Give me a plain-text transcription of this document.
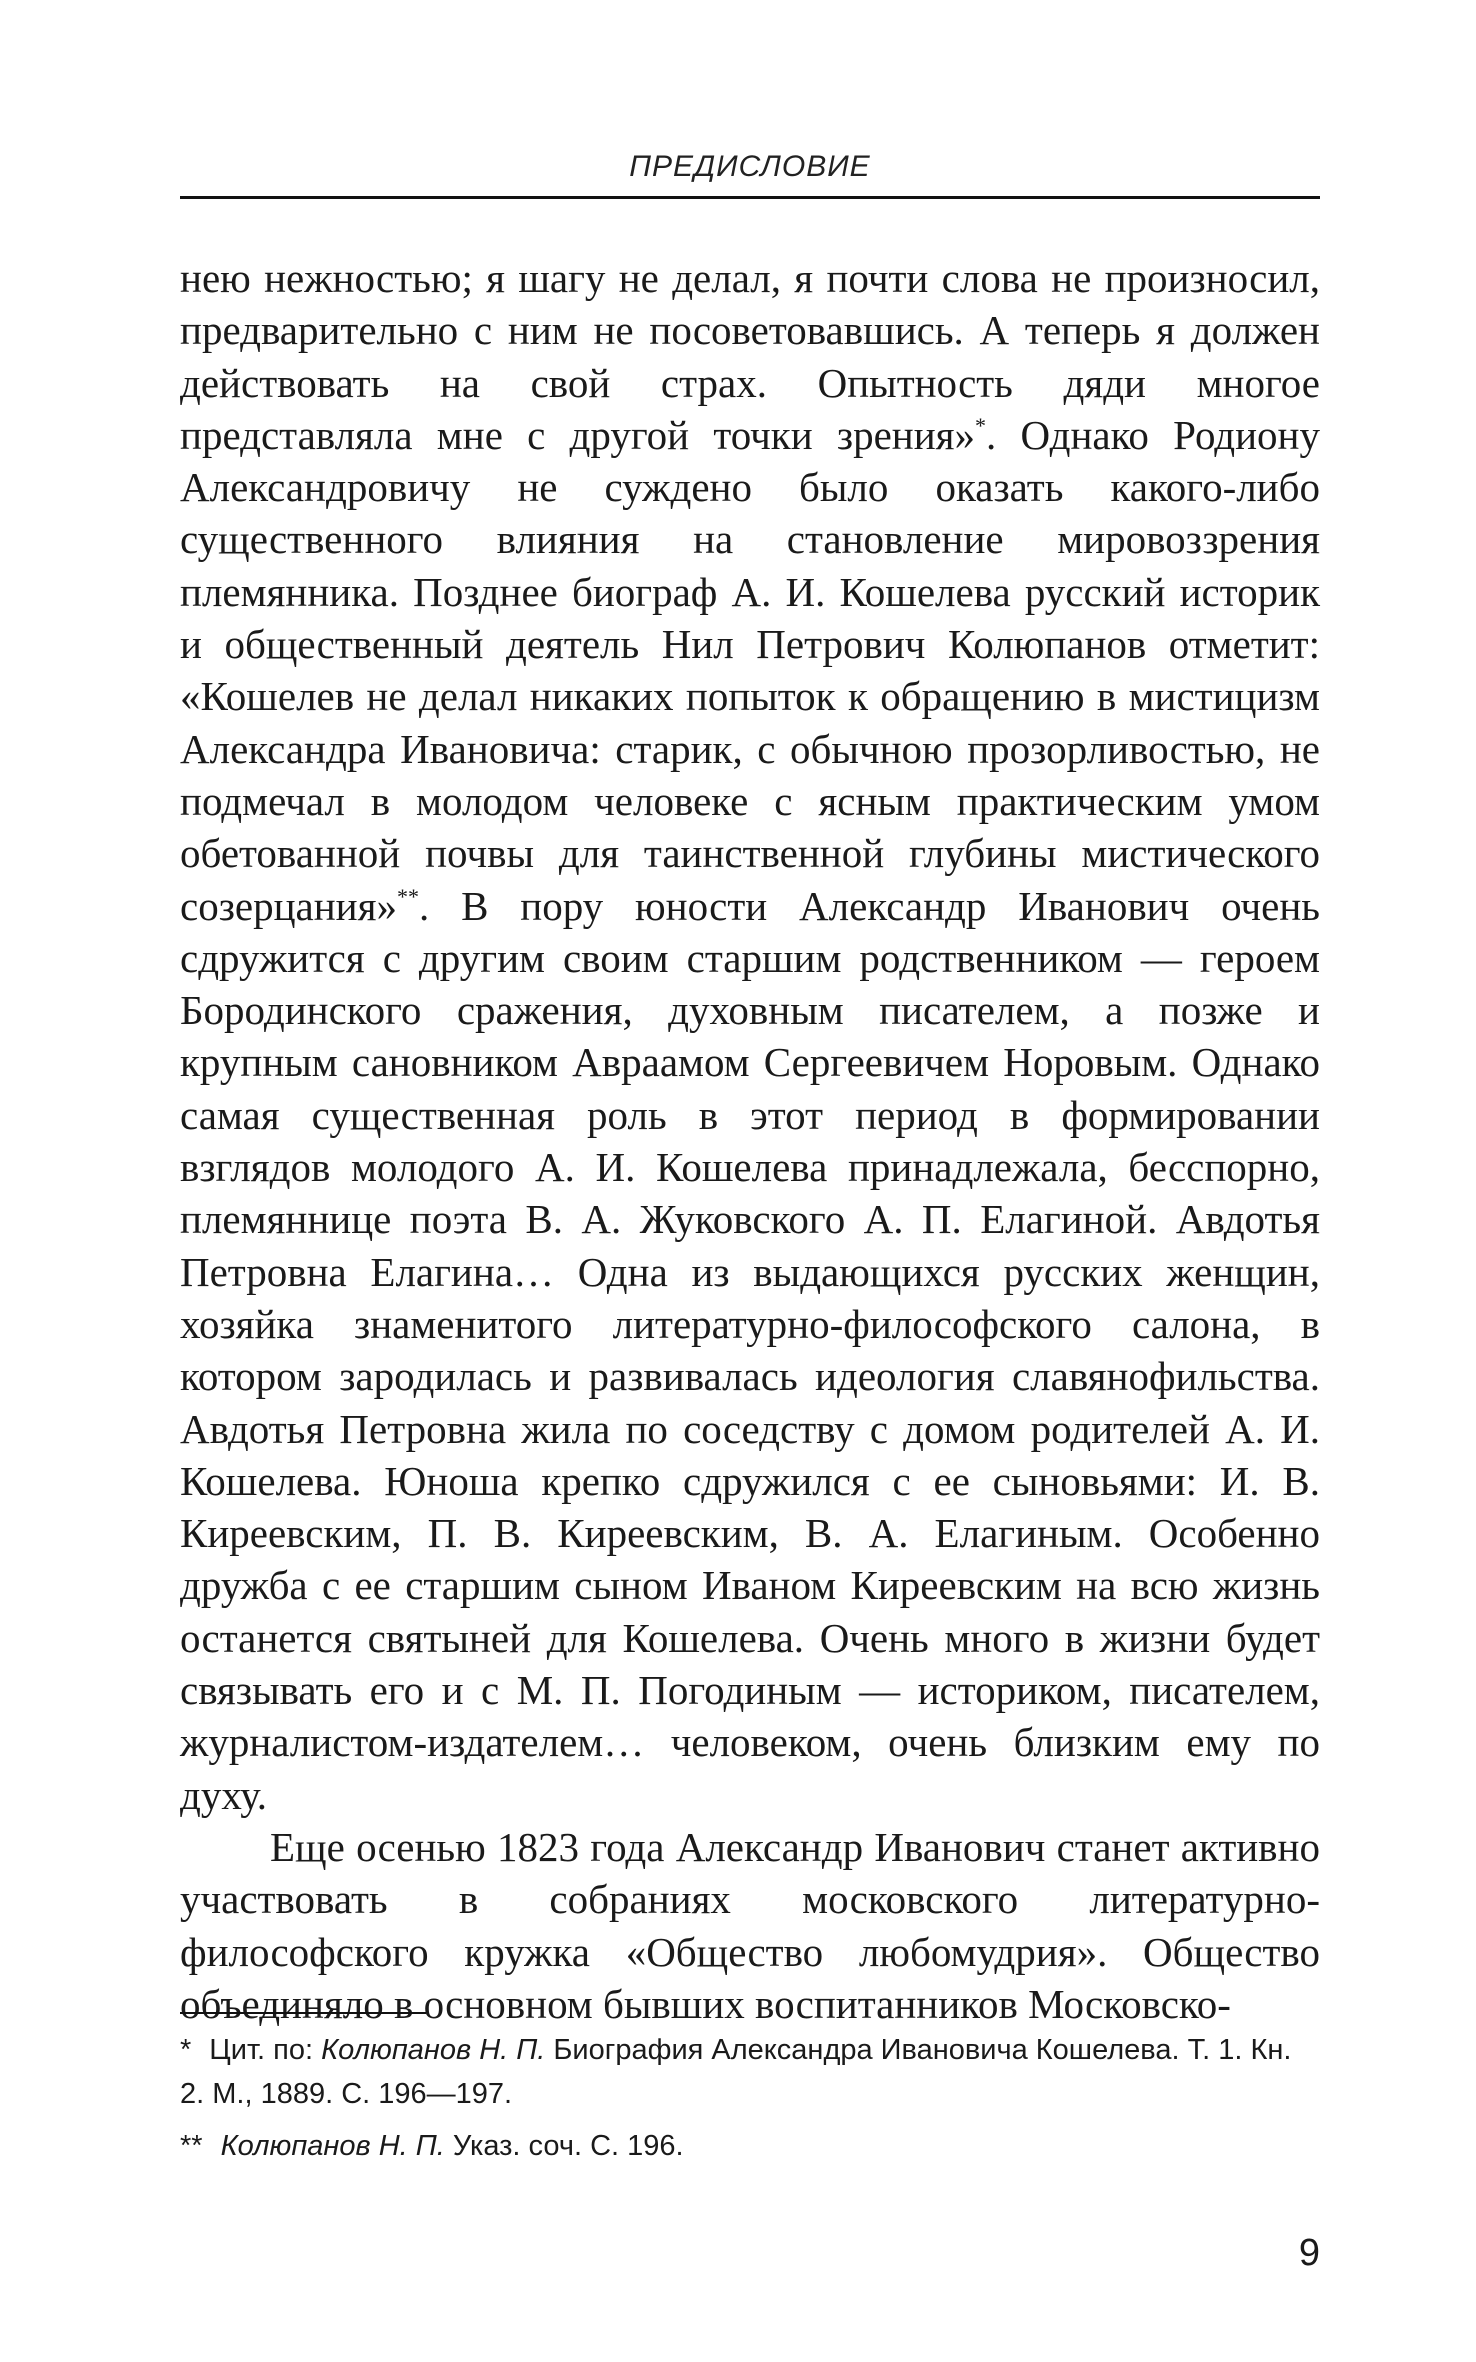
ПРЕДИСЛОВИЕ

нею нежностью; я шагу не делал, я почти слова не произносил, предварительно с ним не посоветовавшись. А теперь я должен действовать на свой страх. Опытность дяди многое представляла мне с другой точки зрения»*. Однако Родиону Александровичу не суждено было оказать какого-либо существенного влияния на становление мировоззрения племянника. Позднее биограф А. И. Кошелева русский историк и общественный деятель Нил Петрович Колюпанов отметит: «Кошелев не делал никаких попыток к обращению в мистицизм Александра Ивановича: старик, с обычною прозорливостью, не подмечал в молодом человеке с ясным практическим умом обетованной почвы для таинственной глубины мистического созерцания»**. В пору юности Александр Иванович очень сдружится с другим своим старшим родственником — героем Бородинского сражения, духовным писателем, а позже и крупным сановником Авраамом Сергеевичем Норовым. Однако самая существенная роль в этот период в формировании взглядов молодого А. И. Кошелева принадлежала, бесспорно, племяннице поэта В. А. Жуковского А. П. Елагиной. Авдотья Петровна Елагина… Одна из выдающихся русских женщин, хозяйка знаменитого литературно-философского салона, в котором зародилась и развивалась идеология славянофильства. Авдотья Петровна жила по соседству с домом родителей А. И. Кошелева. Юноша крепко сдружился с ее сыновьями: И. В. Киреевским, П. В. Киреевским, В. А. Елагиным. Особенно дружба с ее старшим сыном Иваном Киреевским на всю жизнь останется святыней для Кошелева. Очень много в жизни будет связывать его и с М. П. Погодиным — историком, писателем, журналистом-издателем… человеком, очень близким ему по духу.

Еще осенью 1823 года Александр Иванович станет активно участвовать в собраниях московского литературно-философского кружка «Общество любомудрия». Общество объединяло в основном бывших воспитанников Московско-

* Цит. по: Колюпанов Н. П. Биография Александра Ивановича Кошелева. Т. 1. Кн. 2. М., 1889. С. 196—197.

** Колюпанов Н. П. Указ. соч. С. 196.

9
